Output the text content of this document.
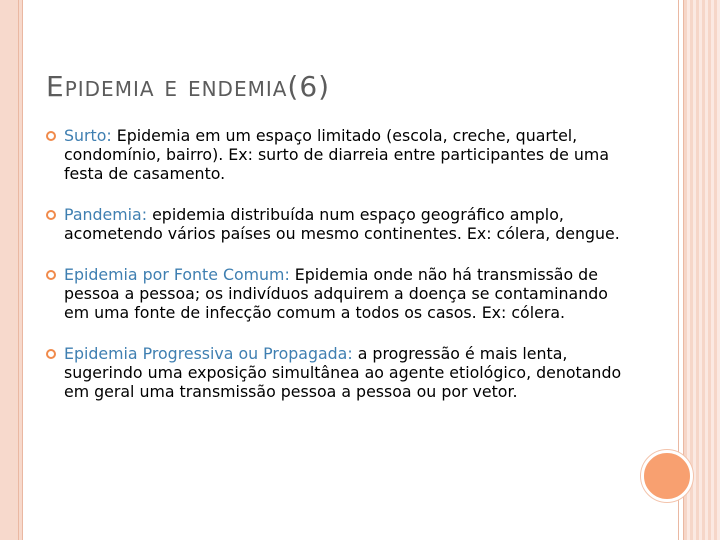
Epidemia e endemia(6)
Surto: Epidemia em um espaço limitado (escola, creche, quartel, condomínio, bairro). Ex: surto de diarreia entre participantes de uma festa de casamento.
Pandemia: epidemia distribuída num espaço geográfico amplo, acometendo vários países ou mesmo continentes. Ex: cólera, dengue.
Epidemia por Fonte Comum: Epidemia onde não há transmissão de pessoa a pessoa; os indivíduos adquirem a doença se contaminando em uma fonte de infecção comum a todos os casos. Ex: cólera.
Epidemia Progressiva ou Propagada: a progressão é mais lenta, sugerindo uma exposição simultânea ao agente etiológico, denotando em geral uma transmissão pessoa a pessoa ou por vetor.
